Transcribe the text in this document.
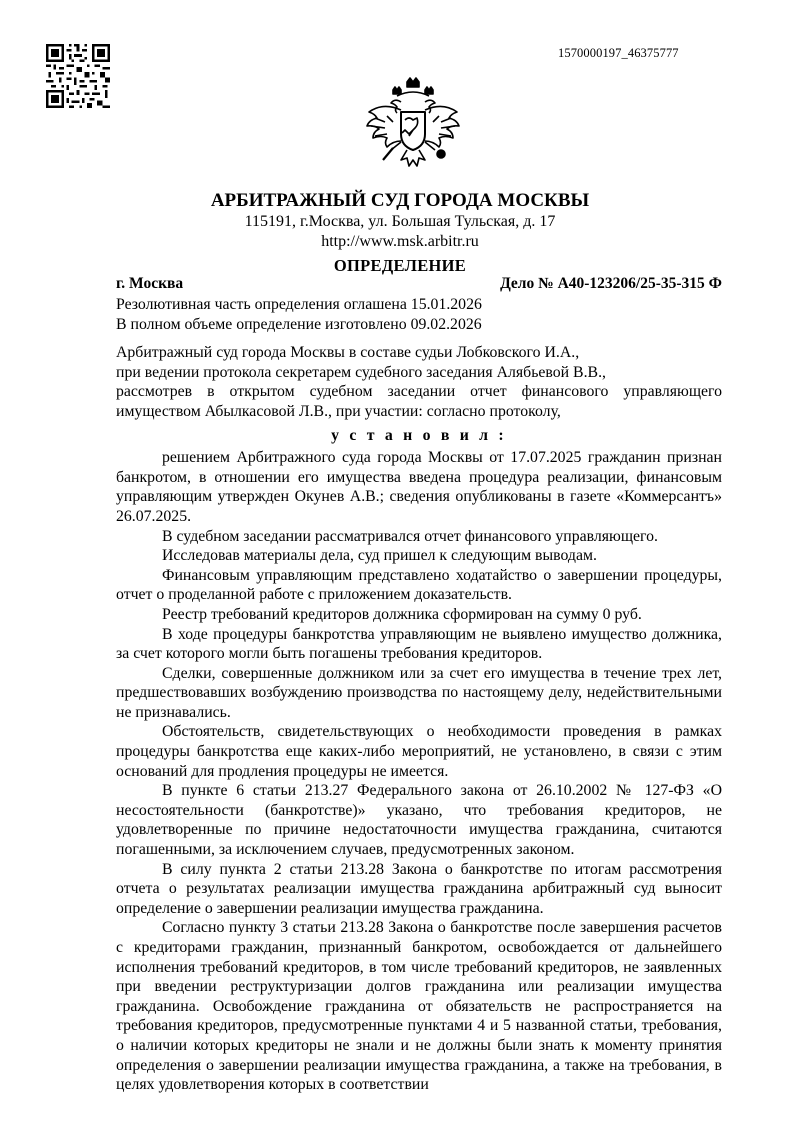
1570000197_46375777
АРБИТРАЖНЫЙ СУД ГОРОДА МОСКВЫ
115191, г.Москва, ул. Большая Тульская, д. 17
http://www.msk.arbitr.ru
ОПРЕДЕЛЕНИЕ
г. Москва	Дело № А40-123206/25-35-315 Ф

Резолютивная часть определения оглашена 15.01.2026

В полном объеме определение изготовлено 09.02.2026

Арбитражный суд города Москвы в составе судьи Лобковского И.А.,

при ведении протокола секретарем судебного заседания Алябьевой В.В.,

рассмотрев в открытом судебном заседании отчет финансового управляющего имуществом Абылкасовой Л.В., при участии: согласно протоколу,

у с т а н о в и л :

решением Арбитражного суда города Москвы от 17.07.2025 гражданин признан банкротом, в отношении его имущества введена процедура реализации, финансовым управляющим утвержден Окунев А.В.; сведения опубликованы в газете «Коммерсантъ» 26.07.2025.

В судебном заседании рассматривался отчет финансового управляющего.

Исследовав материалы дела, суд пришел к следующим выводам.

Финансовым управляющим представлено ходатайство о завершении процедуры, отчет о проделанной работе с приложением доказательств.

Реестр требований кредиторов должника сформирован на сумму 0 руб.

В ходе процедуры банкротства управляющим не выявлено имущество должника, за счет которого могли быть погашены требования кредиторов.

Сделки, совершенные должником или за счет его имущества в течение трех лет, предшествовавших возбуждению производства по настоящему делу, недействительными не признавались.

Обстоятельств, свидетельствующих о необходимости проведения в рамках процедуры банкротства еще каких-либо мероприятий, не установлено, в связи с этим оснований для продления процедуры не имеется.

В пункте 6 статьи 213.27 Федерального закона от 26.10.2002 № 127-ФЗ «О несостоятельности (банкротстве)» указано, что требования кредиторов, не удовлетворенные по причине недостаточности имущества гражданина, считаются погашенными, за исключением случаев, предусмотренных законом.

В силу пункта 2 статьи 213.28 Закона о банкротстве по итогам рассмотрения отчета о результатах реализации имущества гражданина арбитражный суд выносит определение о завершении реализации имущества гражданина.

Согласно пункту 3 статьи 213.28 Закона о банкротстве после завершения расчетов с кредиторами гражданин, признанный банкротом, освобождается от дальнейшего исполнения требований кредиторов, в том числе требований кредиторов, не заявленных при введении реструктуризации долгов гражданина или реализации имущества гражданина. Освобождение гражданина от обязательств не распространяется на требования кредиторов, предусмотренные пунктами 4 и 5 названной статьи, требования, о наличии которых кредиторы не знали и не должны были знать к моменту принятия определения о завершении реализации имущества гражданина, а также на требования, в целях удовлетворения которых в соответствии
